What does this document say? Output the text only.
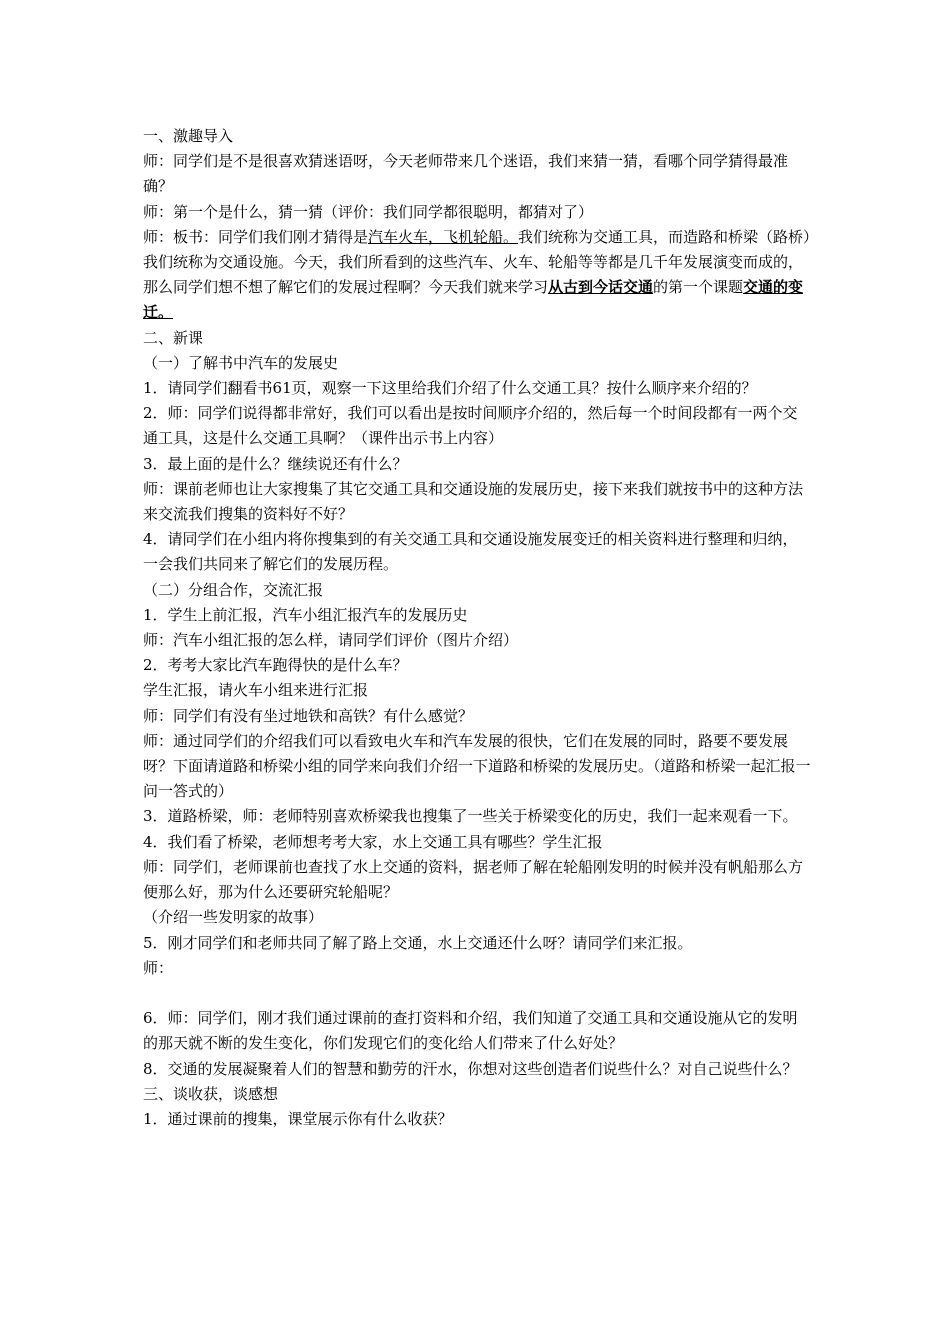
一、激趣导入

师：同学们是不是很喜欢猜迷语呀，今天老师带来几个迷语，我们来猜一猜，看哪个同学猜得最准确？

师：第一个是什么，猜一猜（评价：我们同学都很聪明，都猜对了）

师：板书：同学们我们刚才猜得是汽车火车，飞机轮船。我们统称为交通工具，而造路和桥梁（路桥）我们统称为交通设施。今天，我们所看到的这些汽车、火车、轮船等等都是几千年发展演变而成的，那么同学们想不想了解它们的发展过程啊？今天我们就来学习从古到今话交通的第一个课题交通的变迁。

二、新课

（一）了解书中汽车的发展史

1．请同学们翻看书61页，观察一下这里给我们介绍了什么交通工具？按什么顺序来介绍的？

2．师：同学们说得都非常好，我们可以看出是按时间顺序介绍的，然后每一个时间段都有一两个交通工具，这是什么交通工具啊？（课件出示书上内容）

3．最上面的是什么？继续说还有什么？

师：课前老师也让大家搜集了其它交通工具和交通设施的发展历史，接下来我们就按书中的这种方法来交流我们搜集的资料好不好？

4．请同学们在小组内将你搜集到的有关交通工具和交通设施发展变迁的相关资料进行整理和归纳，一会我们共同来了解它们的发展历程。

（二）分组合作，交流汇报

1．学生上前汇报，汽车小组汇报汽车的发展历史

师：汽车小组汇报的怎么样，请同学们评价（图片介绍）

2．考考大家比汽车跑得快的是什么车？

学生汇报，请火车小组来进行汇报

师：同学们有没有坐过地铁和高铁？有什么感觉？

师：通过同学们的介绍我们可以看致电火车和汽车发展的很快，它们在发展的同时，路要不要发展呀？下面请道路和桥梁小组的同学来向我们介绍一下道路和桥梁的发展历史。（道路和桥梁一起汇报一问一答式的）

3．道路桥梁，师：老师特别喜欢桥梁我也搜集了一些关于桥梁变化的历史，我们一起来观看一下。

4．我们看了桥梁，老师想考考大家，水上交通工具有哪些？学生汇报

师：同学们，老师课前也查找了水上交通的资料，据老师了解在轮船刚发明的时候并没有帆船那么方便那么好，那为什么还要研究轮船呢？

（介绍一些发明家的故事）

5．刚才同学们和老师共同了解了路上交通，水上交通还什么呀？请同学们来汇报。

师：

6．师：同学们，刚才我们通过课前的查打资料和介绍，我们知道了交通工具和交通设施从它的发明的那天就不断的发生变化，你们发现它们的变化给人们带来了什么好处？

8．交通的发展凝聚着人们的智慧和勤劳的汗水，你想对这些创造者们说些什么？对自己说些什么？

三、谈收获，谈感想

1．通过课前的搜集，课堂展示你有什么收获？
